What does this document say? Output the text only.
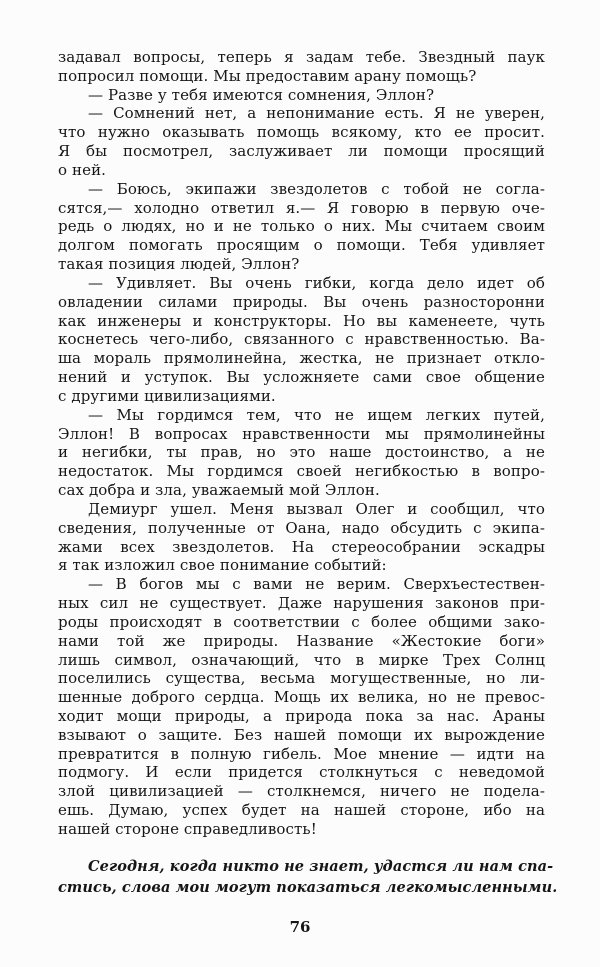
задавал вопросы, теперь я задам тебе. Звездный паук
попросил помощи. Мы предоставим арану помощь?
— Разве у тебя имеются сомнения, Эллон?
— Сомнений нет, а непонимание есть. Я не уверен,
что нужно оказывать помощь всякому, кто ее просит.
Я бы посмотрел, заслуживает ли помощи просящий
о ней.
— Боюсь, экипажи звездолетов с тобой не согла-
сятся,— холодно ответил я.— Я говорю в первую оче-
редь о людях, но и не только о них. Мы считаем своим
долгом помогать просящим о помощи. Тебя удивляет
такая позиция людей, Эллон?
— Удивляет. Вы очень гибки, когда дело идет об
овладении силами природы. Вы очень разносторонни
как инженеры и конструкторы. Но вы каменеете, чуть
коснетесь чего-либо, связанного с нравственностью. Ва-
ша мораль прямолинейна, жестка, не признает откло-
нений и уступок. Вы усложняете сами свое общение
с другими цивилизациями.
— Мы гордимся тем, что не ищем легких путей,
Эллон! В вопросах нравственности мы прямолинейны
и негибки, ты прав, но это наше достоинство, а не
недостаток. Мы гордимся своей негибкостью в вопро-
сах добра и зла, уважаемый мой Эллон.
Демиург ушел. Меня вызвал Олег и сообщил, что
сведения, полученные от Оана, надо обсудить с экипа-
жами всех звездолетов. На стереособрании эскадры
я так изложил свое понимание событий:
— В богов мы с вами не верим. Сверхъестествен-
ных сил не существует. Даже нарушения законов при-
роды происходят в соответствии с более общими зако-
нами той же природы. Название «Жестокие боги»
лишь символ, означающий, что в мирке Трех Солнц
поселились существа, весьма могущественные, но ли-
шенные доброго сердца. Мощь их велика, но не превос-
ходит мощи природы, а природа пока за нас. Араны
взывают о защите. Без нашей помощи их вырождение
превратится в полную гибель. Мое мнение — идти на
подмогу. И если придется столкнуться с неведомой
злой цивилизацией — столкнемся, ничего не подела-
ешь. Думаю, успех будет на нашей стороне, ибо на
нашей стороне справедливость!
Сегодня, когда никто не знает, удастся ли нам спа-
стись, слова мои могут показаться легкомысленными.
76
